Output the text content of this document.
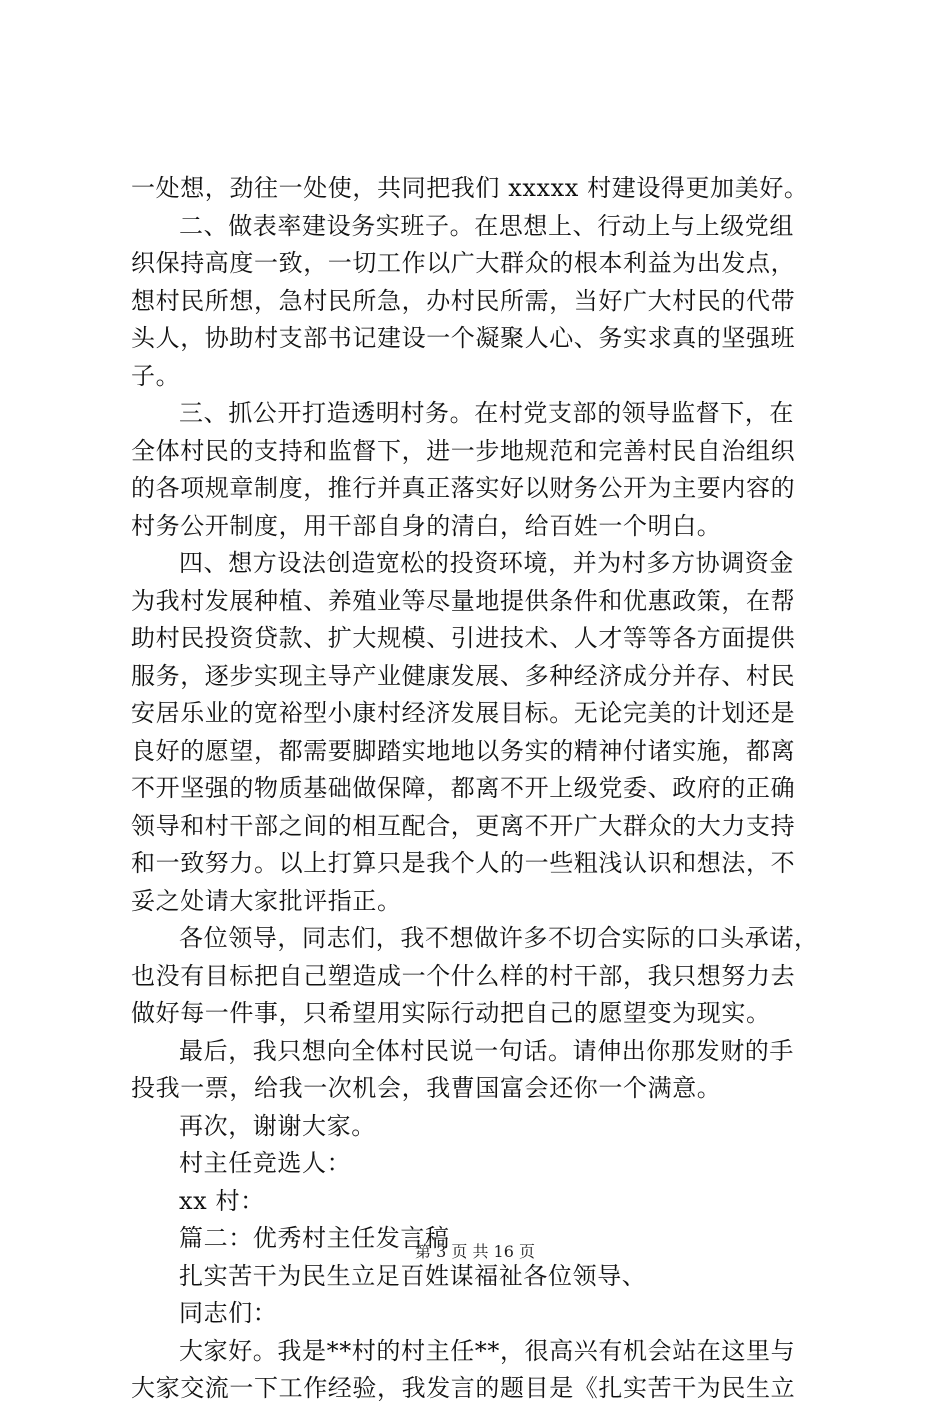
一处想，劲往一处使，共同把我们 xxxxx 村建设得更加美好。
二、做表率建设务实班子。在思想上、行动上与上级党组
织保持高度一致，一切工作以广大群众的根本利益为出发点，
想村民所想，急村民所急，办村民所需，当好广大村民的代带
头人，协助村支部书记建设一个凝聚人心、务实求真的坚强班
子。
三、抓公开打造透明村务。在村党支部的领导监督下，在
全体村民的支持和监督下，进一步地规范和完善村民自治组织
的各项规章制度，推行并真正落实好以财务公开为主要内容的
村务公开制度，用干部自身的清白，给百姓一个明白。
四、想方设法创造宽松的投资环境，并为村多方协调资金
为我村发展种植、养殖业等尽量地提供条件和优惠政策，在帮
助村民投资贷款、扩大规模、引进技术、人才等等各方面提供
服务，逐步实现主导产业健康发展、多种经济成分并存、村民
安居乐业的宽裕型小康村经济发展目标。无论完美的计划还是
良好的愿望，都需要脚踏实地地以务实的精神付诸实施，都离
不开坚强的物质基础做保障，都离不开上级党委、政府的正确
领导和村干部之间的相互配合，更离不开广大群众的大力支持
和一致努力。以上打算只是我个人的一些粗浅认识和想法，不
妥之处请大家批评指正。
各位领导，同志们，我不想做许多不切合实际的口头承诺，
也没有目标把自己塑造成一个什么样的村干部，我只想努力去
做好每一件事，只希望用实际行动把自己的愿望变为现实。
最后，我只想向全体村民说一句话。请伸出你那发财的手
投我一票，给我一次机会，我曹国富会还你一个满意。
再次，谢谢大家。
村主任竞选人：
xx 村：
篇二：优秀村主任发言稿
扎实苦干为民生立足百姓谋福祉各位领导、
同志们：
大家好。我是**村的村主任**，很高兴有机会站在这里与
大家交流一下工作经验，我发言的题目是《扎实苦干为民生立
第 3 页 共 16 页
